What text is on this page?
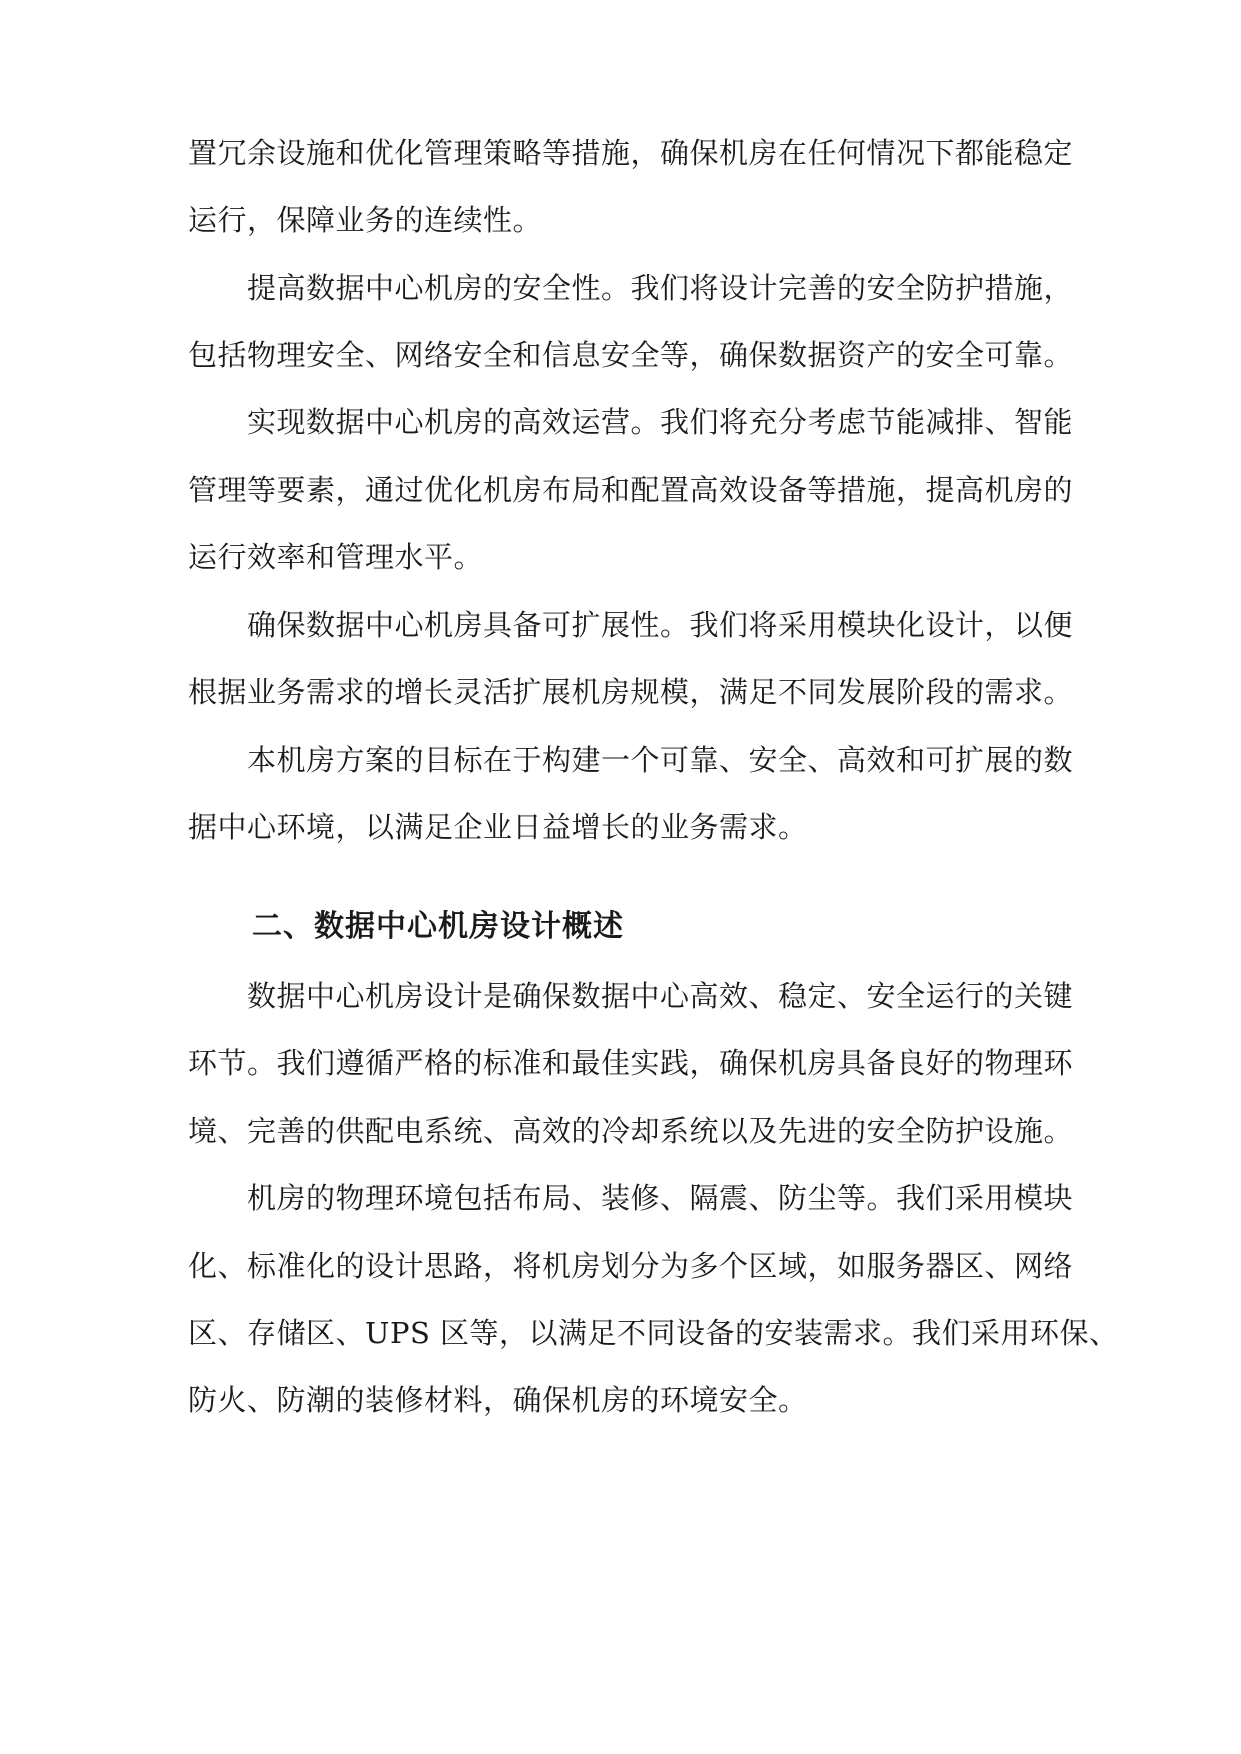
置冗余设施和优化管理策略等措施，确保机房在任何情况下都能稳定
运行，保障业务的连续性。
提高数据中心机房的安全性。我们将设计完善的安全防护措施，
包括物理安全、网络安全和信息安全等，确保数据资产的安全可靠。
实现数据中心机房的高效运营。我们将充分考虑节能减排、智能
管理等要素，通过优化机房布局和配置高效设备等措施，提高机房的
运行效率和管理水平。
确保数据中心机房具备可扩展性。我们将采用模块化设计，以便
根据业务需求的增长灵活扩展机房规模，满足不同发展阶段的需求。
本机房方案的目标在于构建一个可靠、安全、高效和可扩展的数
据中心环境，以满足企业日益增长的业务需求。
二、数据中心机房设计概述
数据中心机房设计是确保数据中心高效、稳定、安全运行的关键
环节。我们遵循严格的标准和最佳实践，确保机房具备良好的物理环
境、完善的供配电系统、高效的冷却系统以及先进的安全防护设施。
机房的物理环境包括布局、装修、隔震、防尘等。我们采用模块
化、标准化的设计思路，将机房划分为多个区域，如服务器区、网络
区、存储区、UPS 区等，以满足不同设备的安装需求。我们采用环保、
防火、防潮的装修材料，确保机房的环境安全。
